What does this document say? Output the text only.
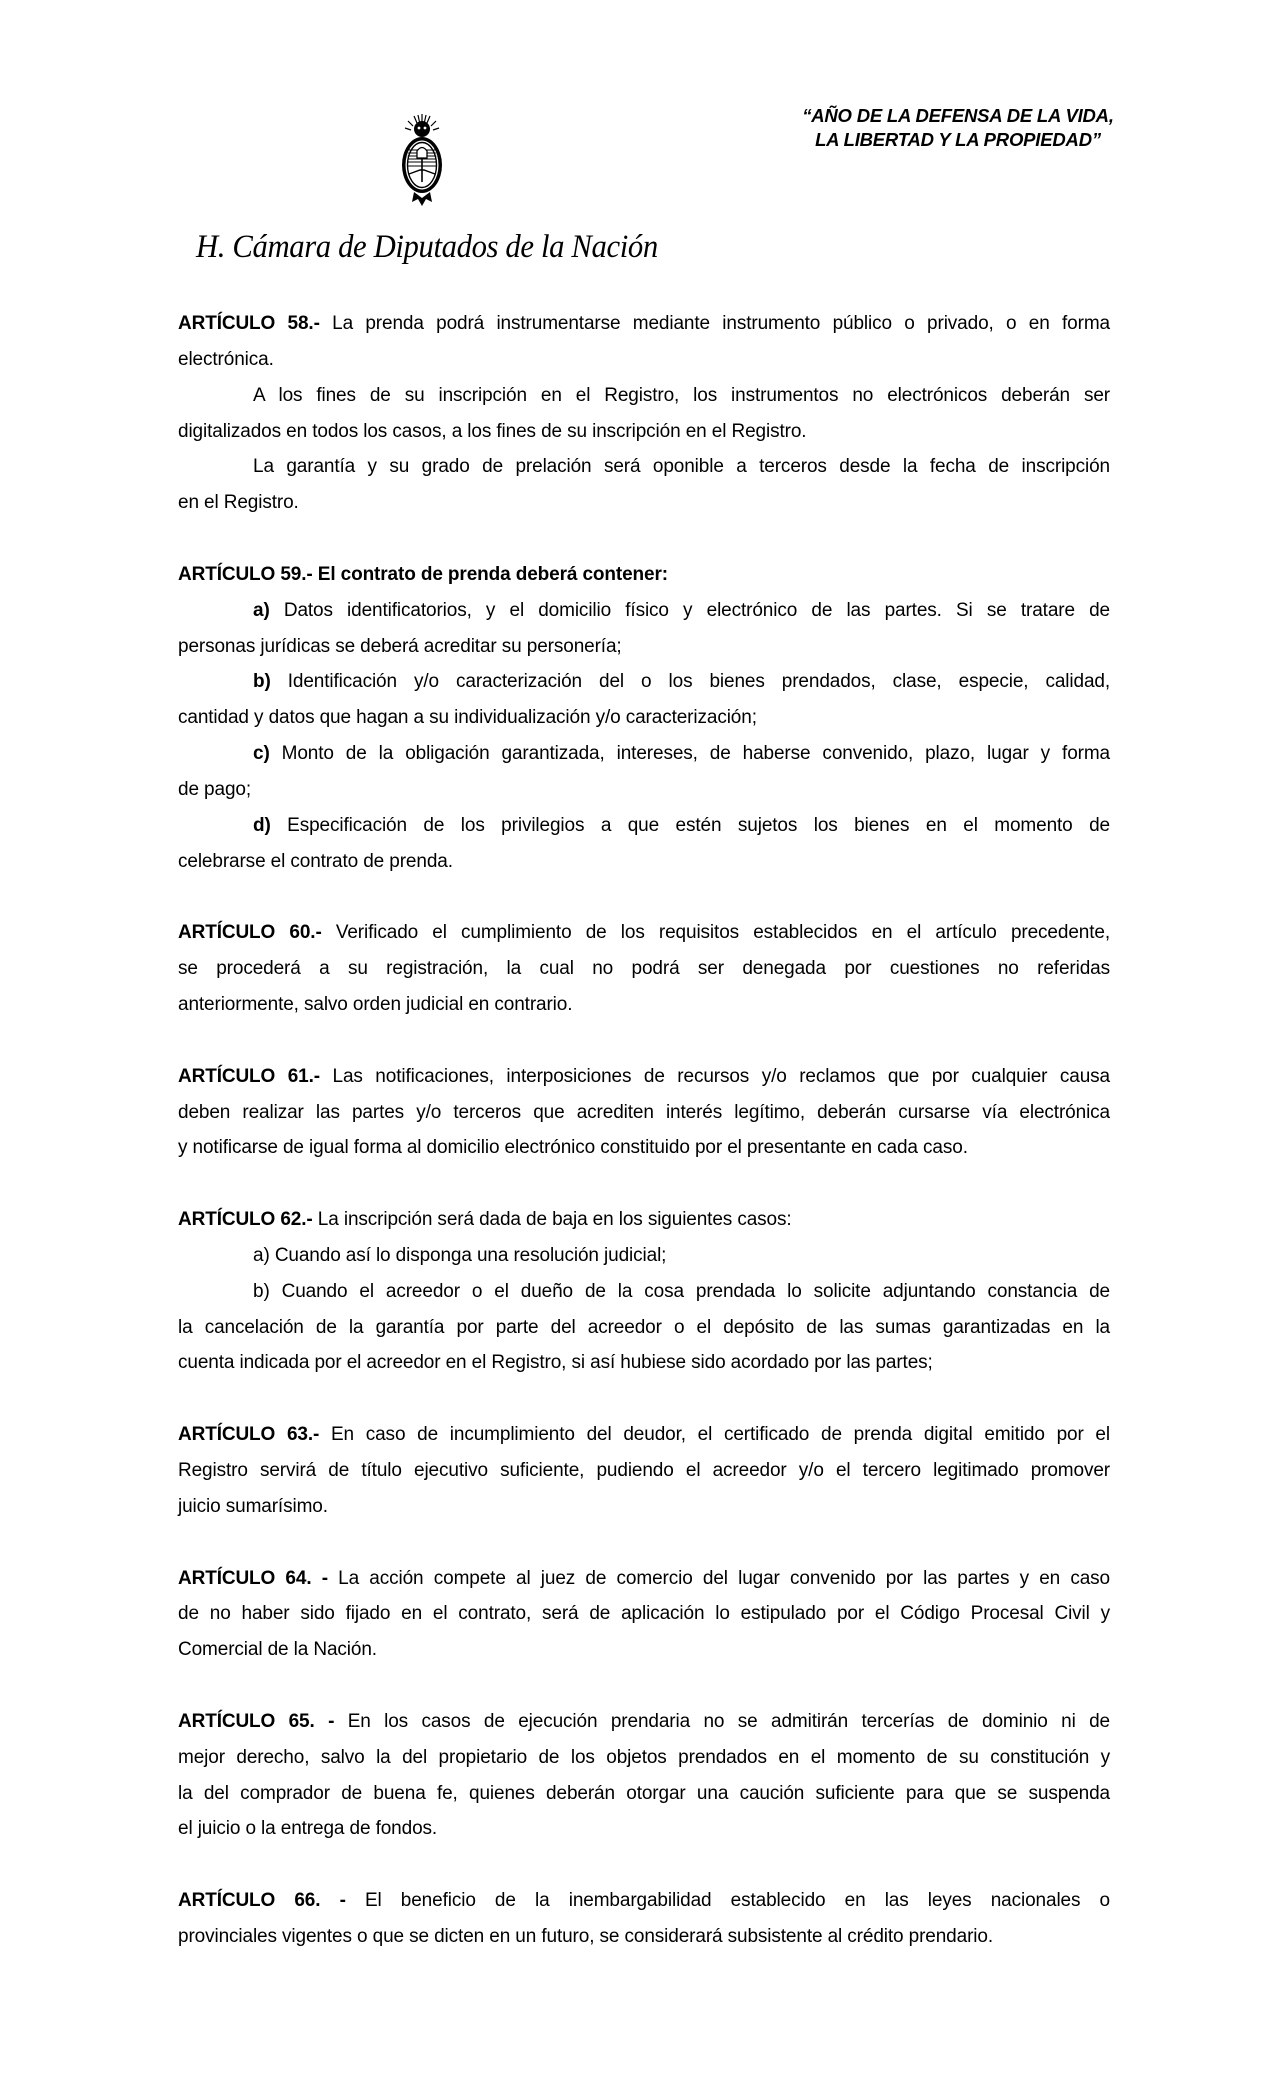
“AÑO DE LA DEFENSA DE LA VIDA,
LA LIBERTAD Y LA PROPIEDAD”
H. Cámara de Diputados de la Nación
ARTÍCULO 58.- La prenda podrá instrumentarse mediante instrumento público o privado, o en forma
electrónica.
A los fines de su inscripción en el Registro, los instrumentos no electrónicos deberán ser
digitalizados en todos los casos, a los fines de su inscripción en el Registro.
La garantía y su grado de prelación será oponible a terceros desde la fecha de inscripción
en el Registro.
ARTÍCULO 59.- El contrato de prenda deberá contener:
a) Datos identificatorios, y el domicilio físico y electrónico de las partes. Si se tratare de
personas jurídicas se deberá acreditar su personería;
b) Identificación y/o caracterización del o los bienes prendados, clase, especie, calidad,
cantidad y datos que hagan a su individualización y/o caracterización;
c) Monto de la obligación garantizada, intereses, de haberse convenido, plazo, lugar y forma
de pago;
d) Especificación de los privilegios a que estén sujetos los bienes en el momento de
celebrarse el contrato de prenda.
ARTÍCULO 60.- Verificado el cumplimiento de los requisitos establecidos en el artículo precedente,
se procederá a su registración, la cual no podrá ser denegada por cuestiones no referidas
anteriormente, salvo orden judicial en contrario.
ARTÍCULO 61.- Las notificaciones, interposiciones de recursos y/o reclamos que por cualquier causa
deben realizar las partes y/o terceros que acrediten interés legítimo, deberán cursarse vía electrónica
y notificarse de igual forma al domicilio electrónico constituido por el presentante en cada caso.
ARTÍCULO 62.- La inscripción será dada de baja en los siguientes casos:
a) Cuando así lo disponga una resolución judicial;
b) Cuando el acreedor o el dueño de la cosa prendada lo solicite adjuntando constancia de
la cancelación de la garantía por parte del acreedor o el depósito de las sumas garantizadas en la
cuenta indicada por el acreedor en el Registro, si así hubiese sido acordado por las partes;
ARTÍCULO 63.- En caso de incumplimiento del deudor, el certificado de prenda digital emitido por el
Registro servirá de título ejecutivo suficiente, pudiendo el acreedor y/o el tercero legitimado promover
juicio sumarísimo.
ARTÍCULO 64. - La acción compete al juez de comercio del lugar convenido por las partes y en caso
de no haber sido fijado en el contrato, será de aplicación lo estipulado por el Código Procesal Civil y
Comercial de la Nación.
ARTÍCULO 65. - En los casos de ejecución prendaria no se admitirán tercerías de dominio ni de
mejor derecho, salvo la del propietario de los objetos prendados en el momento de su constitución y
la del comprador de buena fe, quienes deberán otorgar una caución suficiente para que se suspenda
el juicio o la entrega de fondos.
ARTÍCULO 66. - El beneficio de la inembargabilidad establecido en las leyes nacionales o
provinciales vigentes o que se dicten en un futuro, se considerará subsistente al crédito prendario.
